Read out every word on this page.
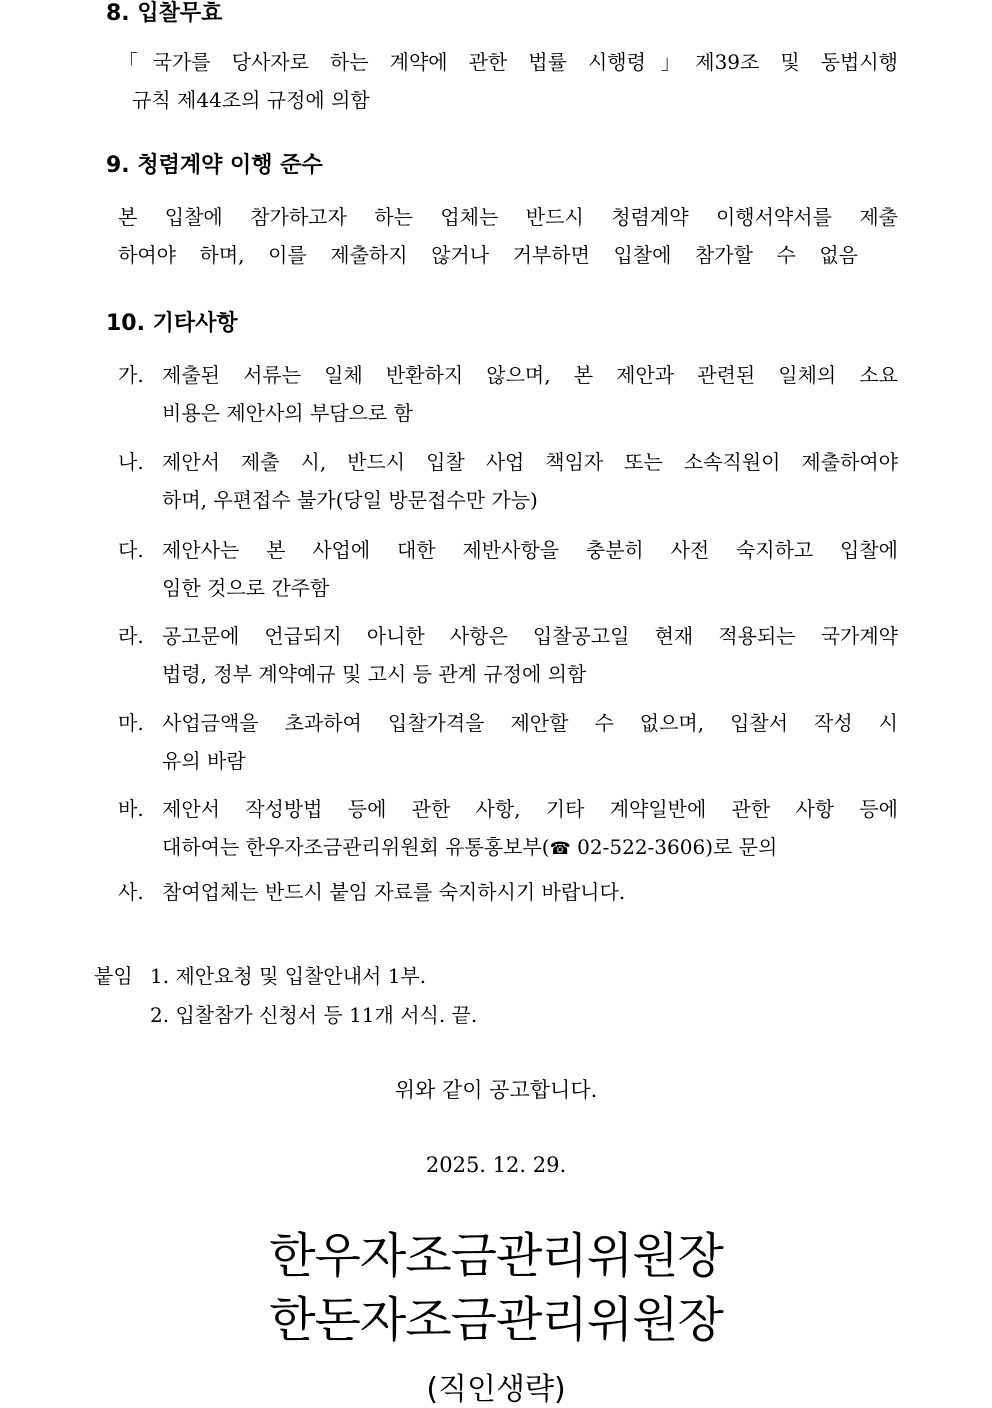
8. 입찰무효
「국가를 당사자로 하는 계약에 관한 법률 시행령」제39조 및 동법시행
규칙 제44조의 규정에 의함
9. 청렴계약 이행 준수
본 입찰에 참가하고자 하는 업체는 반드시 청렴계약 이행서약서를 제출
하여야 하며, 이를 제출하지 않거나 거부하면 입찰에 참가할 수 없음
10. 기타사항
가. 제출된 서류는 일체 반환하지 않으며, 본 제안과 관련된 일체의 소요
비용은 제안사의 부담으로 함
나. 제안서 제출 시, 반드시 입찰 사업 책임자 또는 소속직원이 제출하여야
하며, 우편접수 불가(당일 방문접수만 가능)
다. 제안사는 본 사업에 대한 제반사항을 충분히 사전 숙지하고 입찰에
임한 것으로 간주함
라. 공고문에 언급되지 아니한 사항은 입찰공고일 현재 적용되는 국가계약
법령, 정부 계약예규 및 고시 등 관계 규정에 의함
마. 사업금액을 초과하여 입찰가격을 제안할 수 없으며, 입찰서 작성 시
유의 바람
바. 제안서 작성방법 등에 관한 사항, 기타 계약일반에 관한 사항 등에
대하여는 한우자조금관리위원회 유통홍보부(☎ 02-522-3606)로 문의
사. 참여업체는 반드시 붙임 자료를 숙지하시기 바랍니다.
붙임 1. 제안요청 및 입찰안내서 1부.
2. 입찰참가 신청서 등 11개 서식. 끝.
위와 같이 공고합니다.
2025. 12. 29.
한우자조금관리위원장
한돈자조금관리위원장
(직인생략)
